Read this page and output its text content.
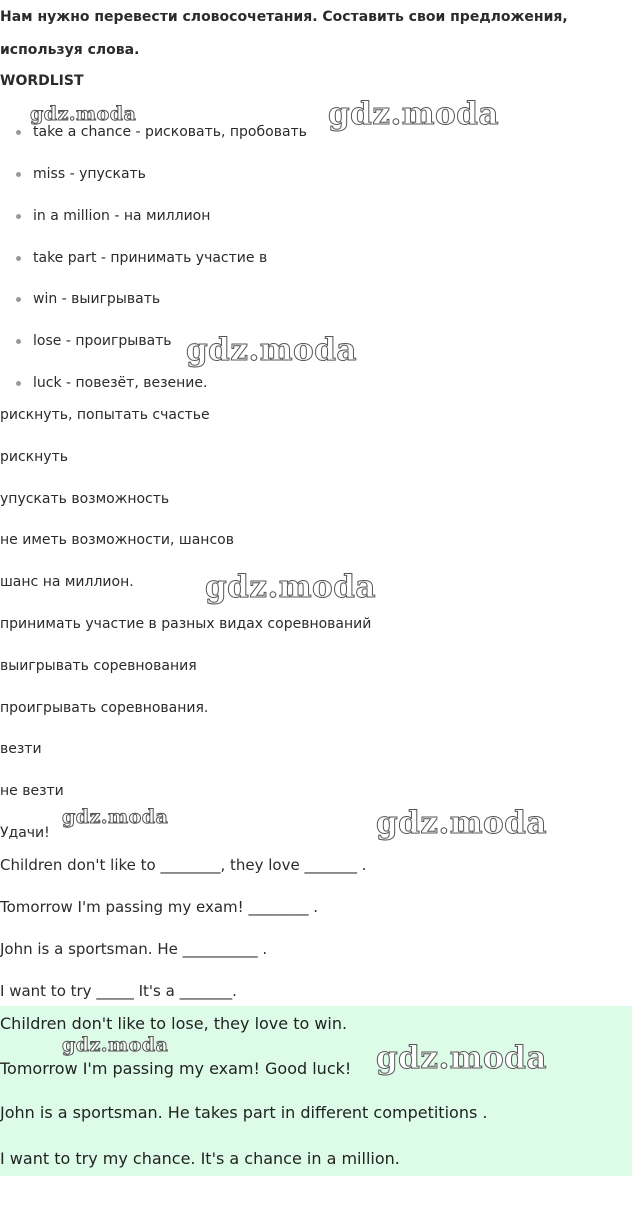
Нам нужно перевести словосочетания. Составить свои предложения,
используя слова.
WORDLIST
take a chance - рисковать, пробовать
miss - упускать
in a million - на миллион
take part - принимать участие в
win - выигрывать
lose - проигрывать
luck - повезёт, везение.
рискнуть, попытать счастье
рискнуть
упускать возможность
не иметь возможности, шансов
шанс на миллион.
принимать участие в разных видах соревнований
выигрывать соревнования
проигрывать соревнования.
везти
не везти
Удачи!
Children don't like to ________, they love _______ .
Tomorrow I'm passing my exam! ________ .
John is a sportsman. He __________ .
I want to try _____ It's a _______.
Children don't like to lose, they love to win.
Tomorrow I'm passing my exam! Good luck!
John is a sportsman. He takes part in different competitions .
I want to try my chance. It's a chance in a million.
gdz.moda	gdz.moda
gdz.moda
gdz.moda
gdz.moda	gdz.moda
gdz.moda	gdz.moda
